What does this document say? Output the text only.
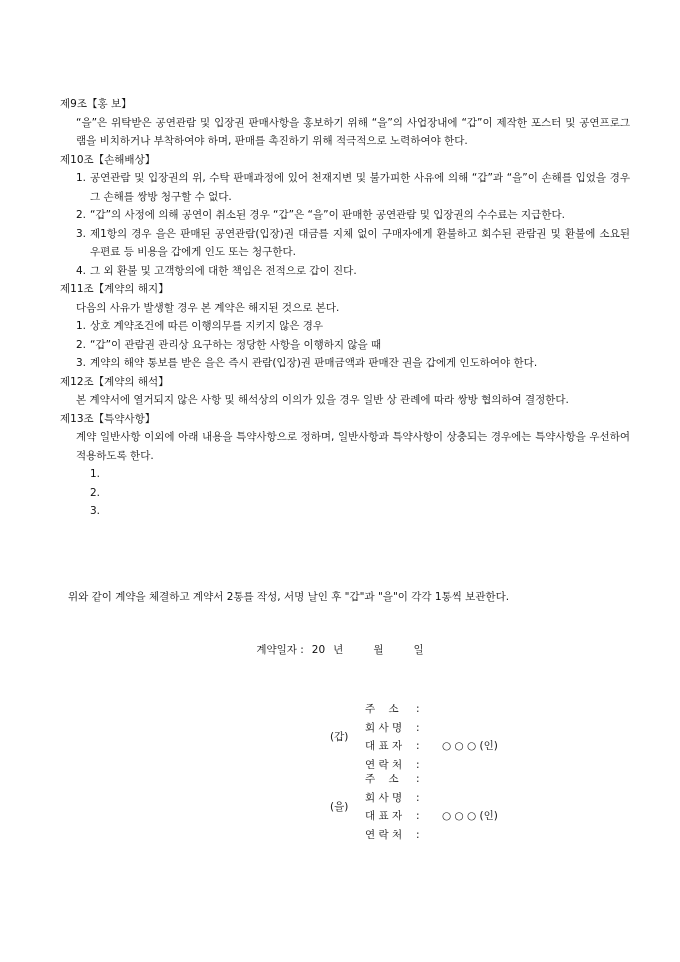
제9조【홍 보】
“을”은 위탁받은 공연관람 및 입장권 판매사항을 홍보하기 위해 “을”의 사업장내에 “갑”이 제작한 포스터 및 공연프로그램을 비치하거나 부착하여야 하며, 판매를 촉진하기 위해 적극적으로 노력하여야 한다.
제10조【손해배상】
1. 공연관람 및 입장권의 위, 수탁 판매과정에 있어 천재지변 및 불가피한 사유에 의해 “갑”과 “을”이 손해를 입었을 경우 그 손해를 쌍방 청구할 수 없다.
2. “갑”의 사정에 의해 공연이 취소된 경우 “갑”은 “을”이 판매한 공연관람 및 입장권의 수수료는 지급한다.
3. 제1항의 경우 을은 판매된 공연관람(입장)권 대금를 지체 없이 구매자에게 환불하고 회수된 관람권 및 환불에 소요된 우편료 등 비용을 갑에게 인도 또는 청구한다.
4. 그 외 환불 및 고객항의에 대한 책임은 전적으로 갑이 진다.
제11조【계약의 해지】
다음의 사유가 발생할 경우 본 계약은 해지된 것으로 본다.
1. 상호 계약조건에 따른 이행의무를 지키지 않은 경우
2. “갑”이 관람권 관리상 요구하는 정당한 사항을 이행하지 않을 때
3. 계약의 해약 통보를 받은 을은 즉시 관람(입장)권 판매금액과 판매잔 권을 갑에게 인도하여야 한다.
제12조【계약의 해석】
본 계약서에 열거되지 않은 사항 및 해석상의 이의가 있을 경우 일반 상 관례에 따라 쌍방 협의하여 결정한다.
제13조【특약사항】
계약 일반사항 이외에 아래 내용을 특약사항으로 정하며, 일반사항과 특약사항이 상충되는 경우에는 특약사항을 우선하여 적용하도록 한다.
1.
2.
3.
위와 같이 계약을 체결하고 계약서 2통를 작성, 서명 날인 후 "갑"과 "을"이 각각 1통씩 보관한다.
계약일자 : 20 년	월	일
(갑)
주    소	:
회 사 명	:
대 표 자	: ○ ○ ○ (인)
연 락 처	:
(을)
주    소	:
회 사 명	:
대 표 자	: ○ ○ ○ (인)
연 락 처	:
